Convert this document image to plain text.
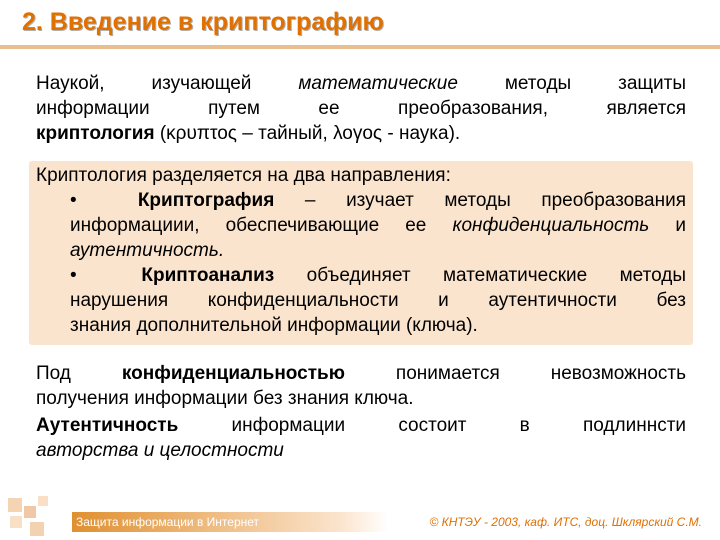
2. Введение в криптографию
Наукой, изучающей математические методы защиты
информации путем ее преобразования, является
криптология (κρυπτος – тайный, λογος - наука).
Криптология разделяется на два направления:
•	Криптография – изучает методы преобразования
информациии, обеспечивающие ее конфиденциальность и
аутентичность.
•	Криптоанализ объединяет математические методы
нарушения конфиденциальности и аутентичности без
знания дополнительной информации (ключа).
Под	конфиденциальностью	понимается невозможность
получения информации без знания ключа.
Аутентичность	информации состоит в подлиннсти
авторства и целостности
Защита информации в Интернет	© КНТЭУ - 2003, каф. ИТС, доц. Шклярский С.М.
